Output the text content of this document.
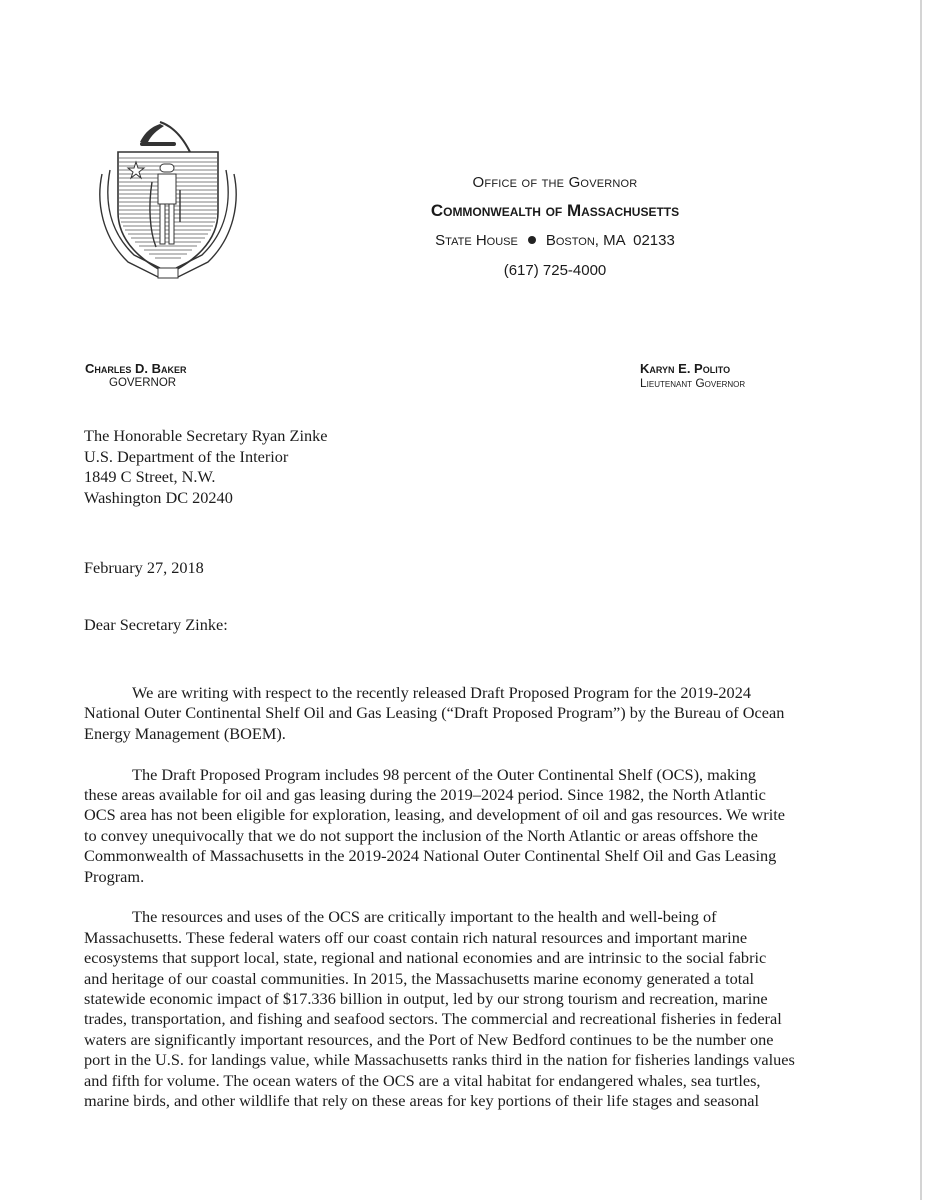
Office of the Governor
Commonwealth of Massachusetts
State House Boston, MA  02133
(617) 725-4000
Charles D. Baker
GOVERNOR
Karyn E. Polito
Lieutenant Governor
The Honorable Secretary Ryan Zinke
U.S. Department of the Interior
1849 C Street, N.W.
Washington DC 20240
February 27, 2018
Dear Secretary Zinke:

We are writing with respect to the recently released Draft Proposed Program for the 2019-2024
National Outer Continental Shelf Oil and Gas Leasing (“Draft Proposed Program”) by the Bureau of Ocean
Energy Management (BOEM).

The Draft Proposed Program includes 98 percent of the Outer Continental Shelf (OCS), making
these areas available for oil and gas leasing during the 2019–2024 period. Since 1982, the North Atlantic
OCS area has not been eligible for exploration, leasing, and development of oil and gas resources. We write
to convey unequivocally that we do not support the inclusion of the North Atlantic or areas offshore the
Commonwealth of Massachusetts in the 2019-2024 National Outer Continental Shelf Oil and Gas Leasing
Program.

The resources and uses of the OCS are critically important to the health and well-being of
Massachusetts. These federal waters off our coast contain rich natural resources and important marine
ecosystems that support local, state, regional and national economies and are intrinsic to the social fabric
and heritage of our coastal communities. In 2015, the Massachusetts marine economy generated a total
statewide economic impact of $17.336 billion in output, led by our strong tourism and recreation, marine
trades, transportation, and fishing and seafood sectors. The commercial and recreational fisheries in federal
waters are significantly important resources, and the Port of New Bedford continues to be the number one
port in the U.S. for landings value, while Massachusetts ranks third in the nation for fisheries landings values
and fifth for volume. The ocean waters of the OCS are a vital habitat for endangered whales, sea turtles,
marine birds, and other wildlife that rely on these areas for key portions of their life stages and seasonal
